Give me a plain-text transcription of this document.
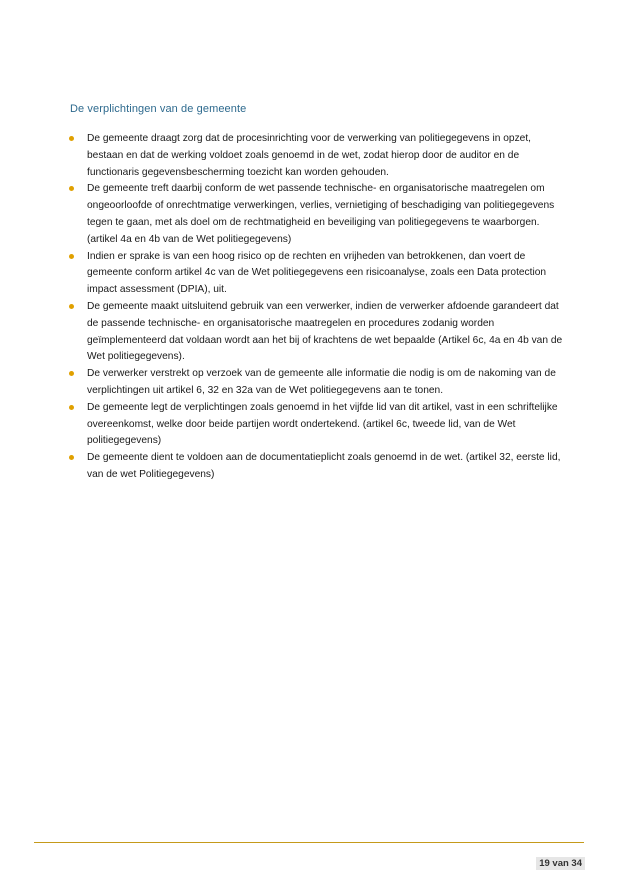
De verplichtingen van de gemeente
De gemeente draagt zorg dat de procesinrichting voor de verwerking van politiegegevens in opzet, bestaan en dat de werking voldoet zoals genoemd in de wet, zodat hierop door de auditor en de functionaris gegevensbescherming toezicht kan worden gehouden.
De gemeente treft daarbij conform de wet passende technische- en organisatorische maatregelen om ongeoorloofde of onrechtmatige verwerkingen, verlies, vernietiging of beschadiging van politiegegevens tegen te gaan, met als doel om de rechtmatigheid en beveiliging van politiegegevens te waarborgen. (artikel 4a en 4b van de Wet politiegegevens)
Indien er sprake is van een hoog risico op de rechten en vrijheden van betrokkenen, dan voert de gemeente conform artikel 4c van de Wet politiegegevens een risicoanalyse, zoals een Data protection impact assessment (DPIA), uit.
De gemeente maakt uitsluitend gebruik van een verwerker, indien de verwerker afdoende garandeert dat de passende technische- en organisatorische maatregelen en procedures zodanig worden geïmplementeerd dat voldaan wordt aan het bij of krachtens de wet bepaalde (Artikel 6c, 4a en 4b van de Wet politiegegevens).
De verwerker verstrekt op verzoek van de gemeente alle informatie die nodig is om de nakoming van de verplichtingen uit artikel 6, 32 en 32a van de Wet politiegegevens aan te tonen.
De gemeente legt de verplichtingen zoals genoemd in het vijfde lid van dit artikel, vast in een schriftelijke overeenkomst, welke door beide partijen wordt ondertekend. (artikel 6c, tweede lid, van de Wet politiegegevens)
De gemeente dient te voldoen aan de documentatieplicht zoals genoemd in de wet. (artikel 32, eerste lid, van de wet Politiegegevens)
19 van 34
